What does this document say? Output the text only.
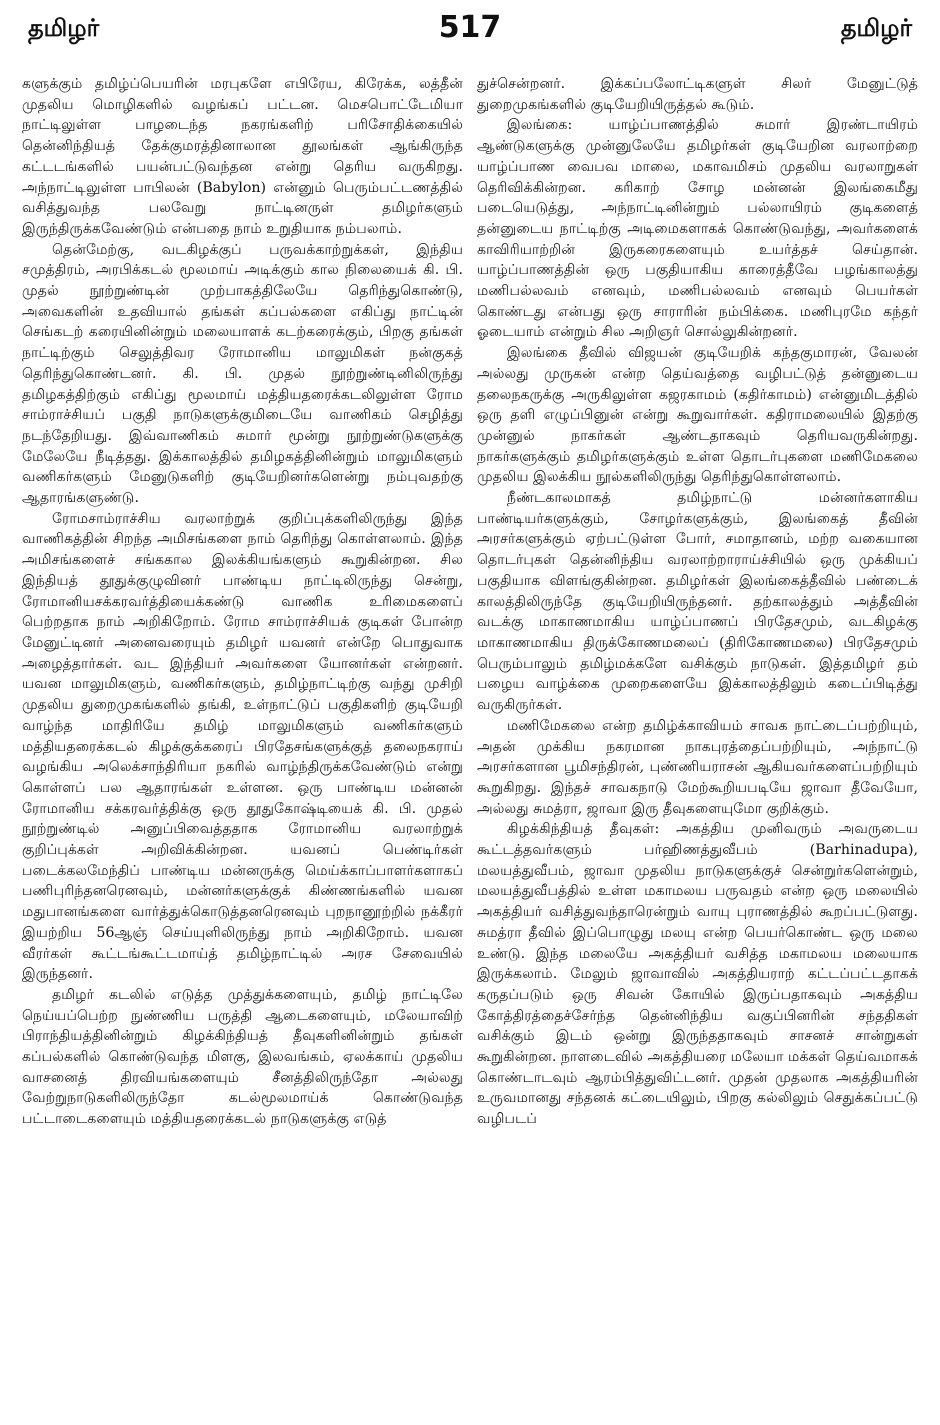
தமிழர்	517	தமிழர்

களுக்கும் தமிழ்ப்பெயரின் மரபுகளே எபிரேய, கிரேக்க, லத்தீன் முதலிய மொழிகளில் வழங்கப் பட்டன. மெசபொட்டேமியா நாட்டிலுள்ள பாழடைந்த நகரங்களிற் பரிசோதிக்கையில் தென்னிந்தியத் தேக்குமரத்தினாலான தூலங்கள் ஆங்கிருந்த கட்டடங்களில் பயன்பட்டுவந்தன என்று தெரிய வருகிறது. அந்நாட்டிலுள்ள பாபிலன் (Babylon) என்னும் பெரும்பட்டணத்தில் வசித்துவந்த பலவேறு நாட்டினருள் தமிழர்களும் இருந்திருக்கவேண்டும் என்பதை நாம் உறுதியாக நம்பலாம்.

தென்மேற்கு, வடகிழக்குப் பருவக்காற்றுக்கள், இந்திய சமுத்திரம், அரபிக்கடல் மூலமாய் அடிக்கும் கால நிலையைக் கி. பி. முதல் நூற்றுண்டின் முற்பாகத்திலேயே தெரிந்துகொண்டு, அவைகளின் உதவியால் தங்கள் கப்பல்களை எகிப்து நாட்டின் செங்கடற் கரையினின்றும் மலையாளக் கடற்கரைக்கும், பிறகு தங்கள் நாட்டிற்கும் செலுத்திவர ரோமானிய மாலுமிகள் நன்குகத் தெரிந்துகொண்டனர். கி. பி. முதல் நூற்றுண்டினிலிருந்து தமிழகத்திற்கும் எகிப்து மூலமாய் மத்தியதரைக்கடலிலுள்ள ரோம சாம்ராச்சியப் பகுதி நாடுகளுக்குமிடையே வாணிகம் செழித்து நடந்தேறியது. இவ்வாணிகம் சுமார் மூன்று நூற்றுண்டுகளுக்கு மேலேயே நீடித்தது. இக்காலத்தில் தமிழகத்தினின்றும் மாலுமிகளும் வணிகர்களும் மேனுடுகளிற் குடியேறினர்களென்று நம்புவதற்கு ஆதாரங்களுண்டு.

ரோமசாம்ராச்சிய வரலாற்றுக் குறிப்புக்களிலிருந்து இந்த வாணிகத்தின் சிறந்த அமிசங்களை நாம் தெரிந்து கொள்ளலாம். இந்த அமிசங்களைச் சங்ககால இலக்கியங்களும் கூறுகின்றன. சில இந்தியத் தூதுக்குழுவினர் பாண்டிய நாட்டிலிருந்து சென்று, ரோமானியசக்கரவர்த்தியைக்கண்டு வாணிக உரிமைகளைப் பெற்றதாக நாம் அறிகிறோம். ரோம சாம்ராச்சியக் குடிகள் போன்ற மேனுட்டினர் அனைவரையும் தமிழர் யவனர் என்றே பொதுவாக அழைத்தார்கள். வட இந்தியர் அவர்களை யோனர்கள் என்றனர். யவன மாலுமிகளும், வணிகர்களும், தமிழ்நாட்டிற்கு வந்து முசிறி முதலிய துறைமுகங்களில் தங்கி, உள்நாட்டுப் பகுதிகளிற் குடியேறி வாழ்ந்த மாதிரியே தமிழ் மாலுமிகளும் வணிகர்களும் மத்தியதரைக்கடல் கிழக்குக்கரைப் பிரதேசங்களுக்குத் தலைநகராய் வழங்கிய அலெக்சாந்திரியா நகரில் வாழ்ந்திருக்கவேண்டும் என்று கொள்ளப் பல ஆதாரங்கள் உள்ளன. ஒரு பாண்டிய மன்னன் ரோமானிய சக்கரவர்த்திக்கு ஒரு தூதுகோஷ்டியைக் கி. பி. முதல் நூற்றுண்டில் அனுப்பிவைத்ததாக ரோமானிய வரலாற்றுக் குறிப்புக்கள் அறிவிக்கின்றன. யவனப் பெண்டிர்கள் படைக்கலமேந்திப் பாண்டிய மன்னருக்கு மெய்க்காப்பாளர்களாகப் பணிபுரிந்தனரெனவும், மன்னர்களுக்குக் கிண்ணங்களில் யவன மதுபானங்களை வார்த்துக்கொடுத்தனரெனவும் புறநானூற்றில் நக்கீரர் இயற்றிய 56ஆஞ் செய்யுளிலிருந்து நாம் அறிகிறோம். யவன வீரர்கள் கூட்டங்கூட்டமாய்த் தமிழ்நாட்டில் அரச சேவையில் இருந்தனர்.

தமிழர் கடலில் எடுத்த முத்துக்களையும், தமிழ் நாட்டிலே நெய்யப்பெற்ற நுண்ணிய பருத்தி ஆடைகளையும், மலேயாவிற் பிராந்தியத்தினின்றும் கிழக்கிந்தியத் தீவுகளினின்றும் தங்கள் கப்பல்களில் கொண்டுவந்த மிளகு, இலவங்கம், ஏலக்காய் முதலிய வாசனைத் திரவியங்களையும் சீனத்திலிருந்தோ அல்லது வேற்றுநாடுகளிலிருந்தோ கடல்மூலமாய்க் கொண்டுவந்த பட்டாடைகளையும் மத்தியதரைக்கடல் நாடுகளுக்கு எடுத்

துச்சென்றனர். இக்கப்பலோட்டிகளுள் சிலர் மேனுட்டுத் துறைமுகங்களில் குடியேறியிருத்தல் கூடும்.

இலங்கை: யாழ்ப்பாணத்தில் சுமார் இரண்டாயிரம் ஆண்டுகளுக்கு முன்னுலேயே தமிழர்கள் குடியேறின வரலாற்றை யாழ்ப்பாண வைபவ மாலை, மகாவமிசம் முதலிய வரலாறுகள் தெரிவிக்கின்றன. கரிகாற் சோழ மன்னன் இலங்கைமீது படையெடுத்து, அந்நாட்டினின்றும் பல்லாயிரம் குடிகளைத் தன்னுடைய நாட்டிற்கு அடிமைகளாகக் கொண்டுவந்து, அவர்களைக் காவிரியாற்றின் இருகரைகளையும் உயர்த்தச் செய்தான். யாழ்ப்பாணத்தின் ஒரு பகுதியாகிய காரைத்தீவே பழங்காலத்து மணிபல்லவம் எனவும், மணிபல்லவம் எனவும் பெயர்கள் கொண்டது என்பது ஒரு சாராரின் நம்பிக்கை. மணிபுரமே கந்தர் ஓடையாம் என்றும் சில அறிஞர் சொல்லுகின்றனர்.

இலங்கை தீவில் விஜயன் குடியேறிக் கந்தகுமாரன், வேலன் அல்லது முருகன் என்ற தெய்வத்தை வழிபட்டுத் தன்னுடைய தலைநகருக்கு அருகிலுள்ள கஜரகாமம் (கதிர்காமம்) என்னுமிடத்தில் ஒரு தளி எழுப்பினுன் என்று கூறுவார்கள். கதிராமலையில் இதற்கு முன்னுல் நாகர்கள் ஆண்டதாகவும் தெரியவருகின்றது. நாகர்களுக்கும் தமிழர்களுக்கும் உள்ள தொடர்புகளை மணிமேகலை முதலிய இலக்கிய நூல்களிலிருந்து தெரிந்துகொள்ளலாம்.

நீண்டகாலமாகத் தமிழ்நாட்டு மன்னர்களாகிய பாண்டியர்களுக்கும், சோழர்களுக்கும், இலங்கைத் தீவின் அரசர்களுக்கும் ஏற்பட்டுள்ள போர், சமாதானம், மற்ற வகையான தொடர்புகள் தென்னிந்திய வரலாற்றாராய்ச்சியில் ஒரு முக்கியப் பகுதியாக விளங்குகின்றன. தமிழர்கள் இலங்கைத்தீவில் பண்டைக் காலத்திலிருந்தே குடியேறியிருந்தனர். தற்காலத்தும் அத்தீவின் வடக்கு மாகாணமாகிய யாழ்ப்பாணப் பிரதேசமும், வடகிழக்கு மாகாணமாகிய திருக்கோணமலைப் (திரிகோணமலை) பிரதேசமும் பெரும்பாலும் தமிழ்மக்களே வசிக்கும் நாடுகள். இத்தமிழர் தம் பழைய வாழ்க்கை முறைகளையே இக்காலத்திலும் கடைப்பிடித்து வருகிருர்கள்.

மணிமேகலை என்ற தமிழ்க்காவியம் சாவக நாட்டைப்பற்றியும், அதன் முக்கிய நகரமான நாகபுரத்தைப்பற்றியும், அந்நாட்டு அரசர்களான பூமிசந்திரன், புண்ணியராசன் ஆகியவர்களைப்பற்றியும் கூறுகிறது. இந்தச் சாவகநாடு மேற்கூறியபடியே ஜாவா தீவேயோ, அல்லது சுமத்ரா, ஜாவா இரு தீவுகளையுமோ குறிக்கும்.

கிழக்கிந்தியத் தீவுகள்: அகத்திய முனிவரும் அவருடைய கூட்டத்தவர்களும் பர்ஹிணத்துவீபம் (Barhinadupa), மலயத்துவீபம், ஜாவா முதலிய நாடுகளுக்குச் சென்றுர்களென்றும், மலயத்துவீபத்தில் உள்ள மகாமலய பருவதம் என்ற ஒரு மலையில் அகத்தியர் வசித்துவந்தாரென்றும் வாயு புராணத்தில் கூறப்பட்டுளது. சுமத்ரா தீவில் இப்பொழுது மலயு என்ற பெயர்கொண்ட ஒரு மலை உண்டு. இந்த மலையே அகத்தியர் வசித்த மகாமலய மலையாக இருக்கலாம். மேலும் ஜாவாவில் அகத்தியராற் கட்டப்பட்டதாகக் கருதப்படும் ஒரு சிவன் கோயில் இருப்பதாகவும் அகத்திய கோத்திரத்தைச்சேர்ந்த தென்னிந்திய வகுப்பினரின் சந்ததிகள் வசிக்கும் இடம் ஒன்று இருந்ததாகவும் சாசனச் சான்றுகள் கூறுகின்றன. நாளடைவில் அகத்தியரை மலேயா மக்கள் தெய்வமாகக் கொண்டாடவும் ஆரம்பித்துவிட்டனர். முதன் முதலாக அகத்தியரின் உருவமானது சந்தனக் கட்டையிலும், பிறகு கல்லிலும் செதுக்கப்பட்டு வழிபடப்
